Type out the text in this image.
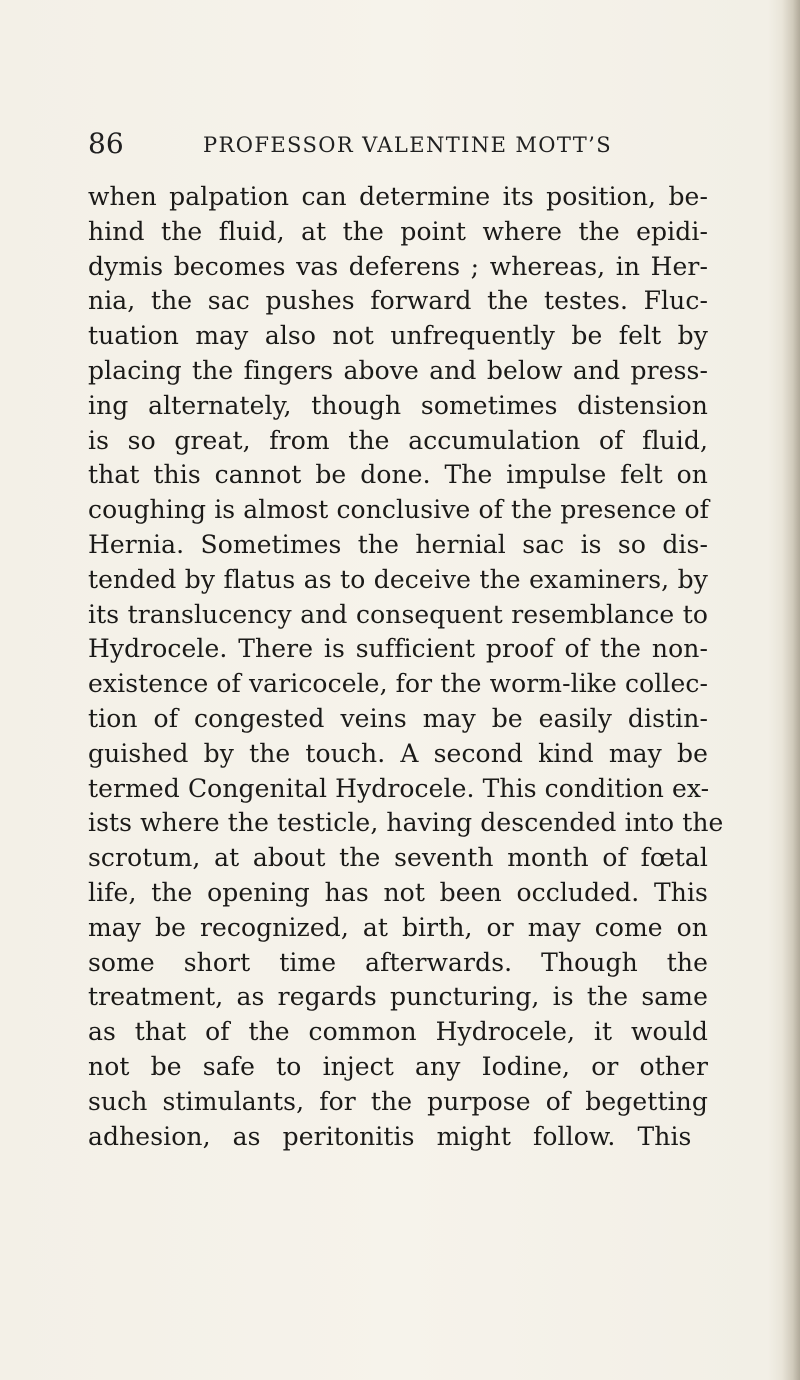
86	PROFESSOR VALENTINE MOTT’S
when palpation can determine its position, be-
hind the fluid, at the point where the epidi-
dymis becomes vas deferens ; whereas, in Her-
nia, the sac pushes forward the testes. Fluc-
tuation may also not unfrequently be felt by
placing the fingers above and below and press-
ing alternately, though sometimes distension
is so great, from the accumulation of fluid,
that this cannot be done. The impulse felt on
coughing is almost conclusive of the presence of
Hernia. Sometimes the hernial sac is so dis-
tended by flatus as to deceive the examiners, by
its translucency and consequent resemblance to
Hydrocele. There is sufficient proof of the non-
existence of varicocele, for the worm-like collec-
tion of congested veins may be easily distin-
guished by the touch. A second kind may be
termed Congenital Hydrocele. This condition ex-
ists where the testicle, having descended into the
scrotum, at about the seventh month of fœtal
life, the opening has not been occluded. This
may be recognized, at birth, or may come on
some short time afterwards. Though the
treatment, as regards puncturing, is the same
as that of the common Hydrocele, it would
not be safe to inject any Iodine, or other
such stimulants, for the purpose of begetting
adhesion, as peritonitis might follow. This
